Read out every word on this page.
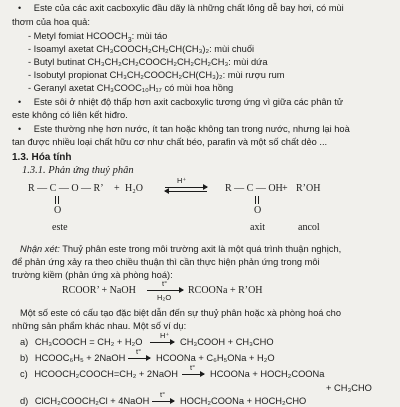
• Este của các axit cacboxylic đầu dãy là những chất lỏng dễ bay hơi, có mùi
thơm của hoa quả:
- Metyl fomiat $HCOOCH_3$: mùi táo
- Isoamyl axetat CH₃COOCH₂CH₂CH(CH₃)₂: mùi chuối
- Butyl butinat CH₃CH₂CH₂COOCH₂CH₂CH₂CH₃: mùi dứa
- Isobutyl propionat CH₃CH₂COOCH₂CH(CH₃)₂: mùi rượu rum
- Geranyl axetat CH₃COOC₁₀H₁₇ có mùi hoa hồng
• Este sôi ở nhiệt độ thấp hơn axit cacboxylic tương ứng vì giữa các phân tử
este không có liên kết hiđro.
• Este thường nhẹ hơn nước, ít tan hoặc không tan trong nước, nhưng lại hoà
tan được nhiều loại chất hữu cơ như chất béo, parafin và một số chất dẻo ...
1.3. Hóa tính
1.3.1. Phản ứng thuỷ phân
R — C — O — R’ + H₂O
H⁺
R — C — OH + R’OH
O	O
este	axit	ancol
Nhận xét: Thuỷ phân este trong môi trường axit là một quá trình thuận nghịch,
để phản ứng xảy ra theo chiều thuận thì cần thực hiện phản ứng trong môi
trường kiềm (phản ứng xà phòng hoá):
RCOOR’ + NaOH
t°
H₂O
RCOONa + R’OH
Một số este có cấu tạo đặc biệt dẫn đến sự thuỷ phân hoặc xà phòng hoá cho
những sản phẩm khác nhau. Một số ví dụ:
a) CH₃COOCH = CH₂ + H₂O
H⁺
CH₃COOH + CH₃CHO
b) HCOOC₆H₅ + 2NaOH
t°
HCOONa + C₆H₅ONa + H₂O
c) HCOOCH₂COOCH=CH₂ + 2NaOH
t°
HCOONa + HOCH₂COONa
+ CH₃CHO
d) ClCH₂COOCH₂Cl + 4NaOH
t°
HOCH₂COONa + HOCH₂CHO
